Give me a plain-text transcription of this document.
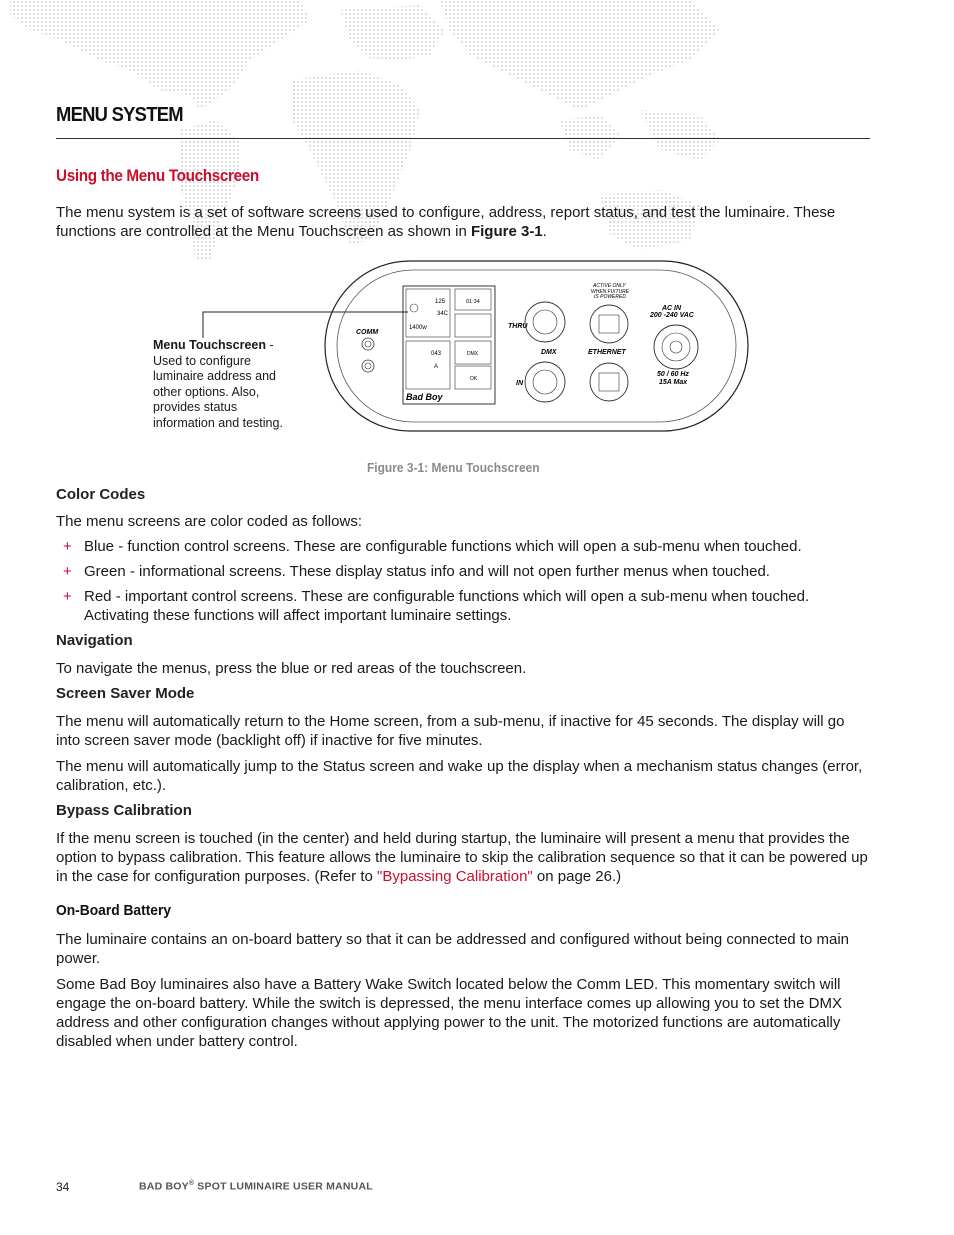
MENU SYSTEM
Using the Menu Touchscreen
The menu system is a set of software screens used to configure, address, report status, and test the luminaire. These functions are controlled at the Menu Touchscreen as shown in Figure 3-1.
COMM
125
34C
1400w
01:34
043
A
DMX
OK
Bad Boy
THRU
DMX
IN
ACTIVE ONLY
WHEN FIXTURE
IS POWERED
ETHERNET
AC IN
200 -240 VAC
50 / 60 Hz
15A Max
Menu Touchscreen -
Used to configure luminaire address and other options. Also, provides status information and testing.
Figure 3-1: Menu Touchscreen
Color Codes
The menu screens are color coded as follows:
+ Blue - function control screens. These are configurable functions which will open a sub-menu when touched.
+ Green - informational screens. These display status info and will not open further menus when touched.
+ Red - important control screens. These are configurable functions which will open a sub-menu when touched. Activating these functions will affect important luminaire settings.
Navigation
To navigate the menus, press the blue or red areas of the touchscreen.
Screen Saver Mode
The menu will automatically return to the Home screen, from a sub-menu, if inactive for 45 seconds. The display will go into screen saver mode (backlight off) if inactive for five minutes.
The menu will automatically jump to the Status screen and wake up the display when a mechanism status changes (error, calibration, etc.).
Bypass Calibration
If the menu screen is touched (in the center) and held during startup, the luminaire will present a menu that provides the option to bypass calibration. This feature allows the luminaire to skip the calibration sequence so that it can be powered up in the case for configuration purposes. (Refer to "Bypassing Calibration" on page 26.)
On-Board Battery
The luminaire contains an on-board battery so that it can be addressed and configured without being connected to main power.
Some Bad Boy luminaires also have a Battery Wake Switch located below the Comm LED. This momentary switch will engage the on-board battery. While the switch is depressed, the menu interface comes up allowing you to set the DMX address and other configuration changes without applying power to the unit. The motorized functions are automatically disabled when under battery control.
34	BAD BOY® SPOT LUMINAIRE USER MANUAL
